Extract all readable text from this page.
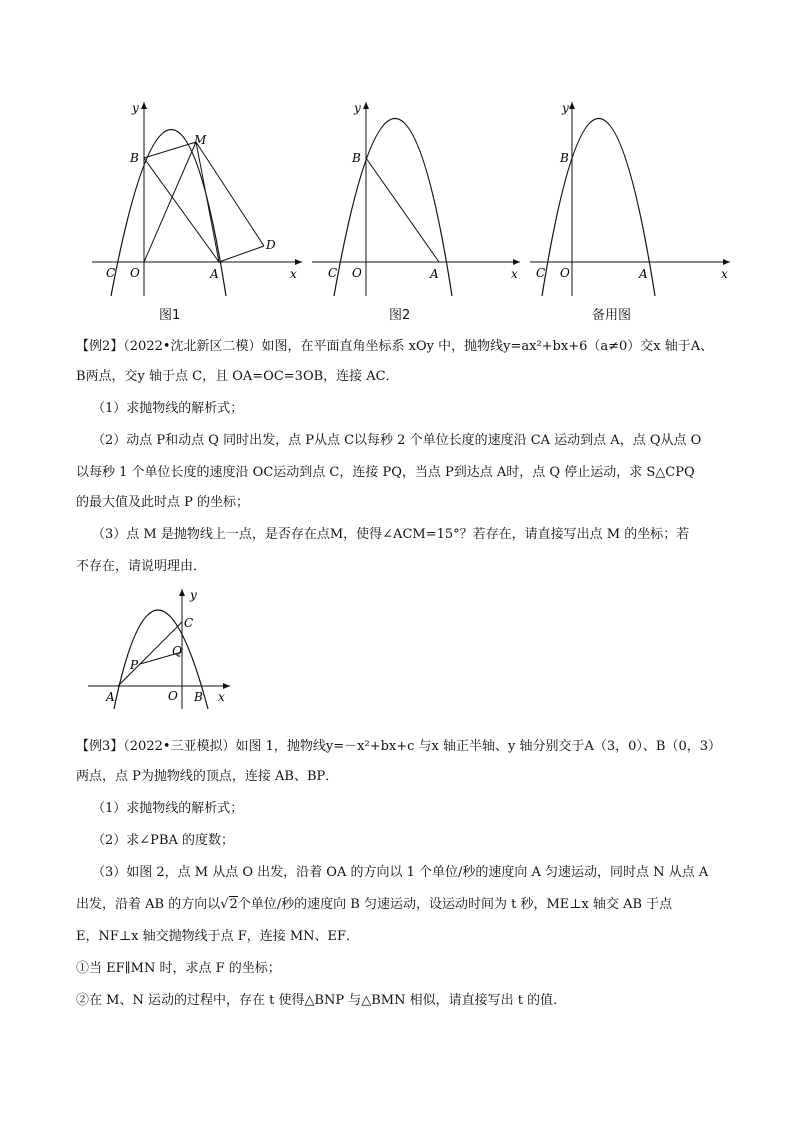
y
x
B
M
C O	A
D
图1
y
x
B
C O	A
图2
y
x
B
C O	A
备用图
【例2】（2022•沈北新区二模）如图，在平面直角坐标系 xOy 中，抛物线y=ax²+bx+6（a≠0）交x 轴于A、
B两点，交y 轴于点 C，且 OA=OC=3OB，连接 AC．
（1）求抛物线的解析式；
（2）动点 P和动点 Q 同时出发，点 P从点 C以每秒 2 个单位长度的速度沿 CA 运动到点 A，点 Q从点 O
以每秒 1 个单位长度的速度沿 OC运动到点 C，连接 PQ，当点 P到达点 A时，点 Q 停止运动，求 S△CPQ
的最大值及此时点 P 的坐标；
（3）点 M 是抛物线上一点，是否存在点M，使得∠ACM=15°？若存在，请直接写出点 M 的坐标；若
不存在，请说明理由．
y
x
C
Q
P
A	O B
【例3】（2022•三亚模拟）如图 1，抛物线y=－x²+bx+c 与x 轴正半轴、y 轴分别交于A（3，0）、B（0，3）
两点，点 P为抛物线的顶点，连接 AB、BP．
（1）求抛物线的解析式；
（2）求∠PBA 的度数；
（3）如图 2，点 M 从点 O 出发，沿着 OA 的方向以 1 个单位/秒的速度向 A 匀速运动，同时点 N 从点 A
出发，沿着 AB 的方向以√2个单位/秒的速度向 B 匀速运动，设运动时间为 t 秒，ME⊥x 轴交 AB 于点
E，NF⊥x 轴交抛物线于点 F，连接 MN、EF．
①当 EF∥MN 时，求点 F 的坐标；
②在 M、N 运动的过程中，存在 t 使得△BNP 与△BMN 相似，请直接写出 t 的值．
